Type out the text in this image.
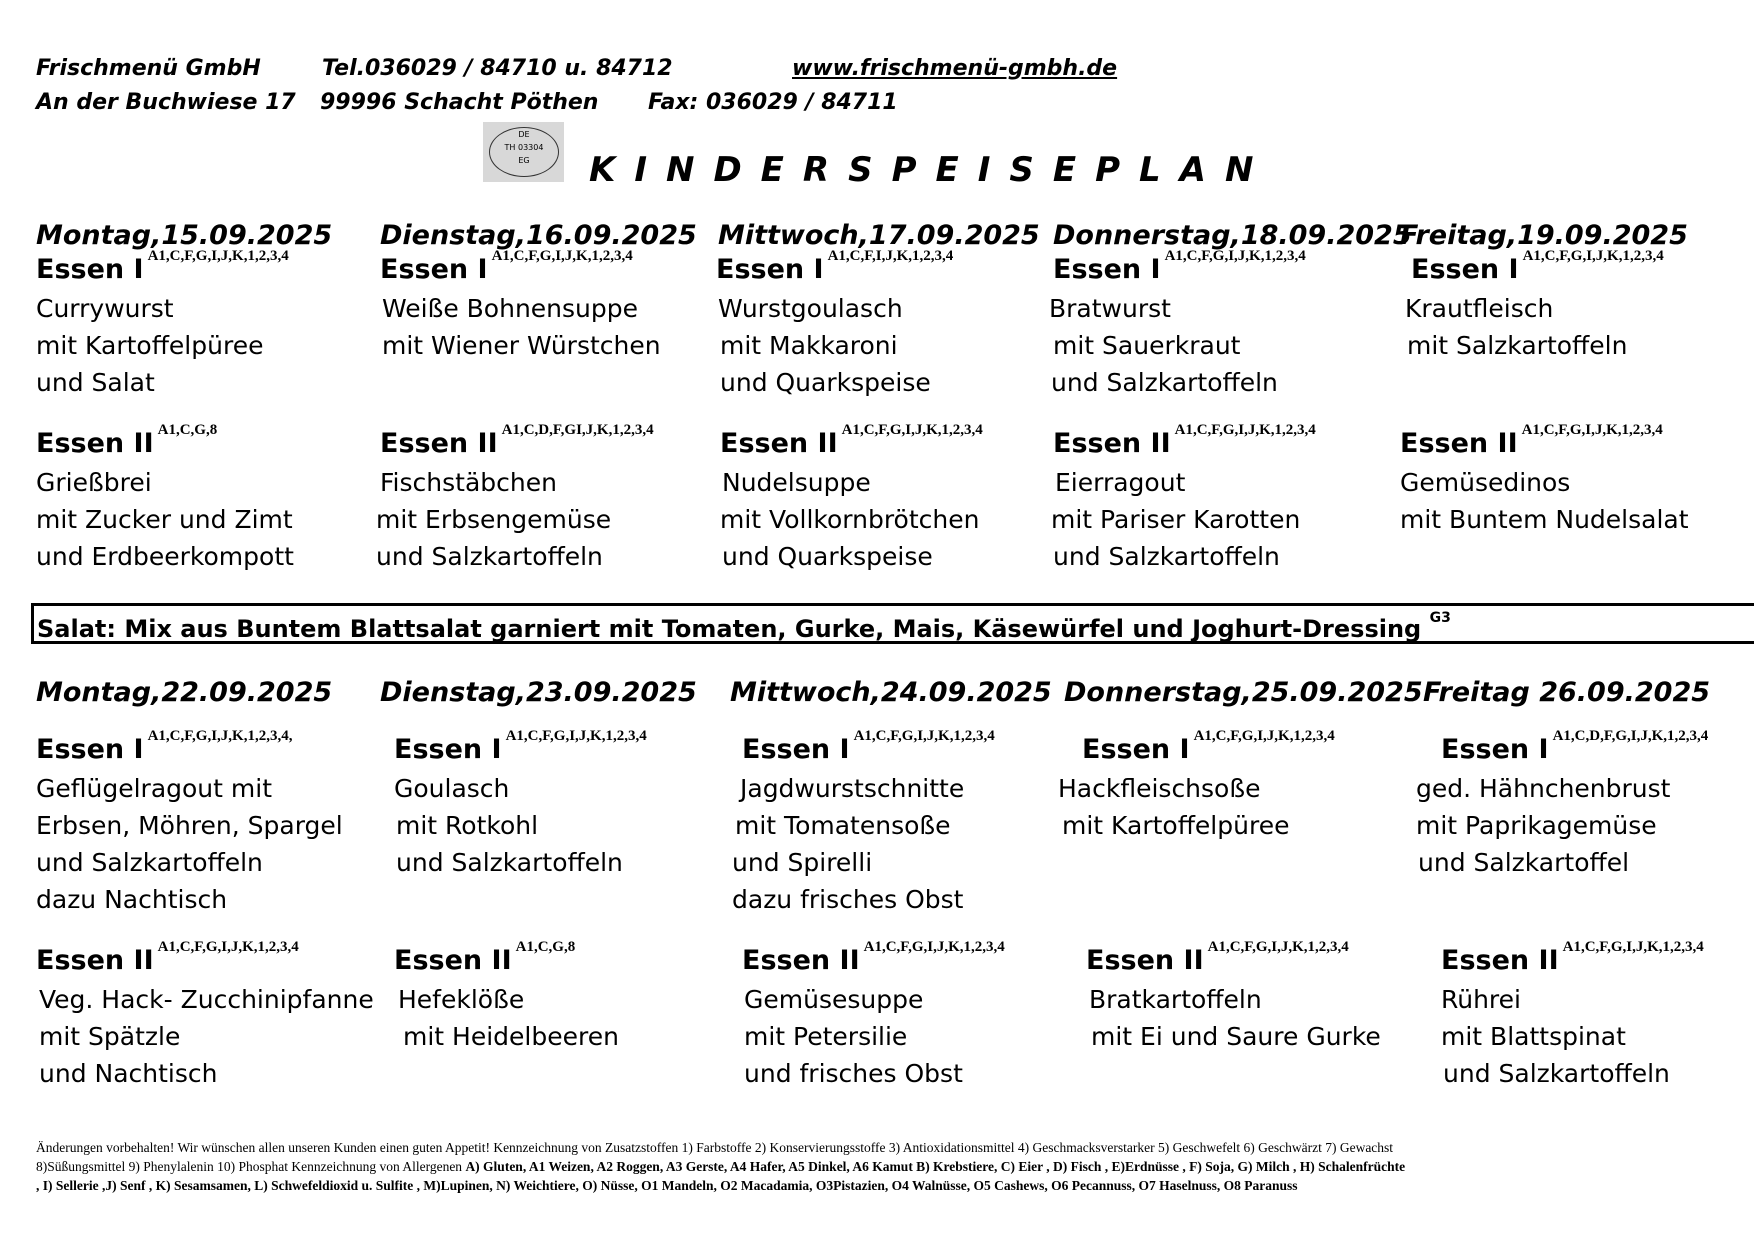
Frischmenü GmbH	Tel.036029 / 84710 u. 84712	www.frischmenü-gmbh.de
An der Buchwiese 17 99996 Schacht Pöthen Fax: 036029 / 84711
DE
TH 03304
EG	KINDERSPEISEPLAN
Montag,15.09.2025
Essen I $^{A1,C,F,G,I,J,K,1,2,3,4}$
Currywurst
mit Kartoffelpüree
und Salat
Essen II $^{A1,C,G,8}$
Grießbrei
mit Zucker und Zimt
und Erdbeerkompott
Dienstag,16.09.2025
Essen I $^{A1,C,F,G,I,J,K,1,2,3,4}$
Weiße Bohnensuppe
mit Wiener Würstchen
Essen II $^{A1,C,D,F,GI,J,K,1,2,3,4}$
Fischstäbchen
mit Erbsengemüse
und Salzkartoffeln
Mittwoch,17.09.2025
Essen I $^{A1,C,F,I,J,K,1,2,3,4}$
Wurstgoulasch
mit Makkaroni
und Quarkspeise
Essen II $^{A1,C,F,G,I,J,K,1,2,3,4}$
Nudelsuppe
mit Vollkornbrötchen
und Quarkspeise
Donnerstag,18.09.2025
Essen I $^{A1,C,F,G,I,J,K,1,2,3,4}$
Bratwurst
mit Sauerkraut
und Salzkartoffeln
Essen II $^{A1,C,F,G,I,J,K,1,2,3,4}$
Eierragout
mit Pariser Karotten
und Salzkartoffeln
Freitag,19.09.2025
Essen I $^{A1,C,F,G,I,J,K,1,2,3,4}$
Krautfleisch
mit Salzkartoffeln
Essen II $^{A1,C,F,G,I,J,K,1,2,3,4}$
Gemüsedinos
mit Buntem Nudelsalat
Salat: Mix aus Buntem Blattsalat garniert mit Tomaten, Gurke, Mais, Käsewürfel und Joghurt-Dressing $^{G3}$
Montag,22.09.2025
Essen I $^{A1,C,F,G,I,J,K,1,2,3,4,}$
Geflügelragout mit
Erbsen, Möhren, Spargel
und Salzkartoffeln
dazu Nachtisch
Essen II $^{A1,C,F,G,I,J,K,1,2,3,4}$
Veg. Hack- Zucchinipfanne
mit Spätzle
und Nachtisch
Dienstag,23.09.2025
Essen I $^{A1,C,F,G,I,J,K,1,2,3,4}$
Goulasch
mit Rotkohl
und Salzkartoffeln
Essen II $^{A1,C,G,8}$
Hefeklöße
mit Heidelbeeren
Mittwoch,24.09.2025
Essen I $^{A1,C,F,G,I,J,K,1,2,3,4}$
Jagdwurstschnitte
mit Tomatensoße
und Spirelli
dazu frisches Obst
Essen II $^{A1,C,F,G,I,J,K,1,2,3,4}$
Gemüsesuppe
mit Petersilie
und frisches Obst
Donnerstag,25.09.2025
Essen I $^{A1,C,F,G,I,J,K,1,2,3,4}$
Hackfleischsoße
mit Kartoffelpüree
Essen II $^{A1,C,F,G,I,J,K,1,2,3,4}$
Bratkartoffeln
mit Ei und Saure Gurke
Freitag 26.09.2025
Essen I $^{A1,C,D,F,G,I,J,K,1,2,3,4}$
ged. Hähnchenbrust
mit Paprikagemüse
und Salzkartoffel
Essen II $^{A1,C,F,G,I,J,K,1,2,3,4}$
Rührei
mit Blattspinat
und Salzkartoffeln
Änderungen vorbehalten! Wir wünschen allen unseren Kunden einen guten Appetit! Kennzeichnung von Zusatzstoffen 1) Farbstoffe 2) Konservierungsstoffe 3) Antioxidationsmittel 4) Geschmacksverstarker 5) Geschwefelt 6) Geschwärzt 7) Gewachst
8)Süßungsmittel 9) Phenylalenin 10) Phosphat Kennzeichnung von Allergenen A) Gluten, A1 Weizen, A2 Roggen, A3 Gerste, A4 Hafer, A5 Dinkel, A6 Kamut B) Krebstiere, C) Eier , D) Fisch , E)Erdnüsse , F) Soja, G) Milch , H) Schalenfrüchte
, I) Sellerie ,J) Senf , K) Sesamsamen, L) Schwefeldioxid u. Sulfite , M)Lupinen, N) Weichtiere, O) Nüsse, O1 Mandeln, O2 Macadamia, O3Pistazien, O4 Walnüsse, O5 Cashews, O6 Pecannuss, O7 Haselnuss, O8 Paranuss
